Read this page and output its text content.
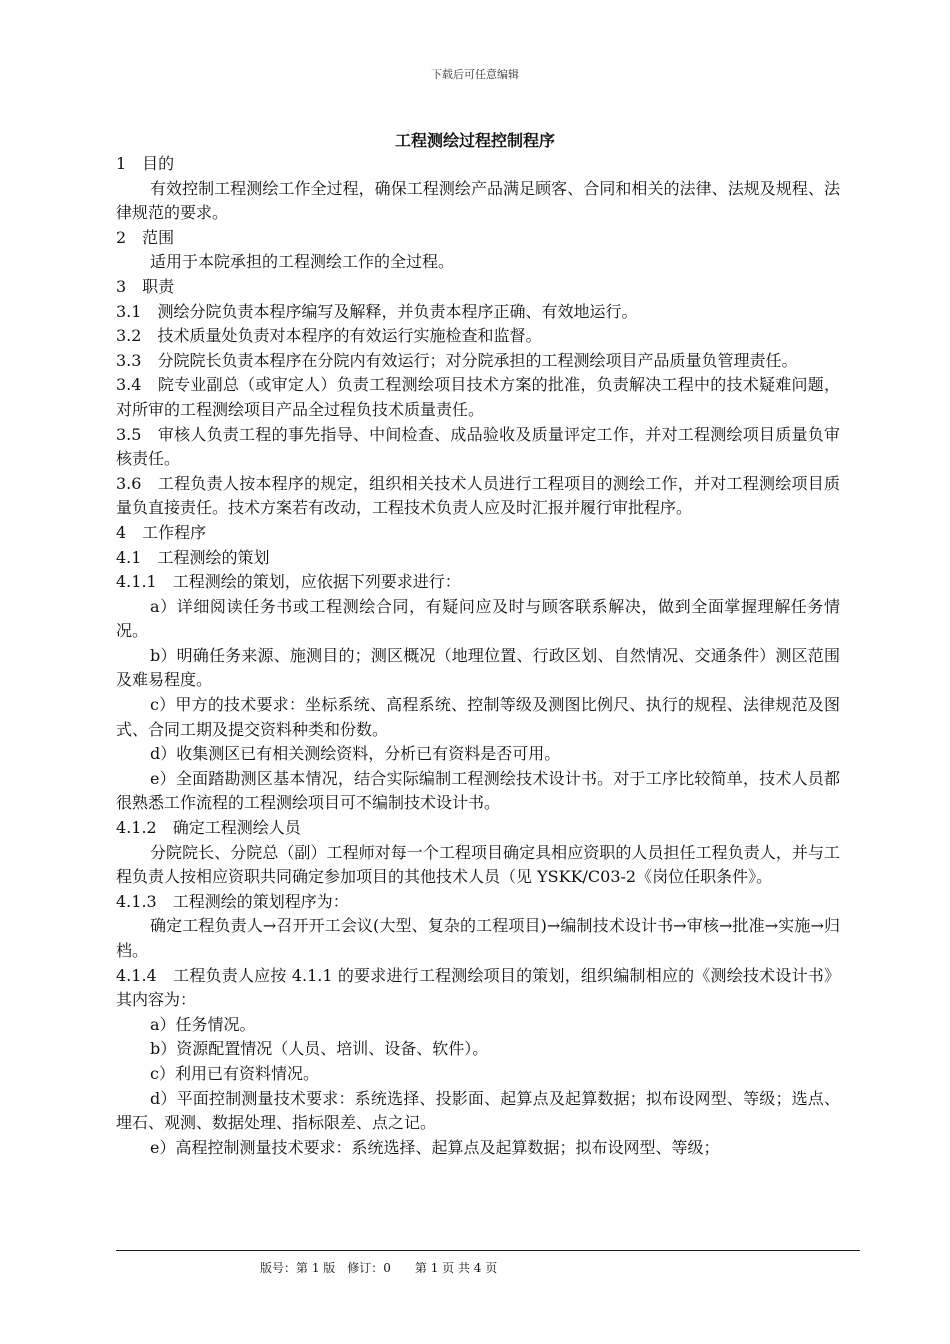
下载后可任意编辑
工程测绘过程控制程序

1　目的

有效控制工程测绘工作全过程，确保工程测绘产品满足顾客、合同和相关的法律、法规及规程、法律规范的要求。

2　范围

适用于本院承担的工程测绘工作的全过程。

3　职责

3.1　测绘分院负责本程序编写及解释，并负责本程序正确、有效地运行。

3.2　技术质量处负责对本程序的有效运行实施检查和监督。

3.3　分院院长负责本程序在分院内有效运行；对分院承担的工程测绘项目产品质量负管理责任。

3.4　院专业副总（或审定人）负责工程测绘项目技术方案的批准，负责解决工程中的技术疑难问题，对所审的工程测绘项目产品全过程负技术质量责任。

3.5　审核人负责工程的事先指导、中间检查、成品验收及质量评定工作，并对工程测绘项目质量负审核责任。

3.6　工程负责人按本程序的规定，组织相关技术人员进行工程项目的测绘工作，并对工程测绘项目质量负直接责任。技术方案若有改动，工程技术负责人应及时汇报并履行审批程序。

4　工作程序

4.1　工程测绘的策划

4.1.1　工程测绘的策划，应依据下列要求进行：

a）详细阅读任务书或工程测绘合同，有疑问应及时与顾客联系解决，做到全面掌握理解任务情况。

b）明确任务来源、施测目的；测区概况（地理位置、行政区划、自然情况、交通条件）测区范围及难易程度。

c）甲方的技术要求：坐标系统、高程系统、控制等级及测图比例尺、执行的规程、法律规范及图式、合同工期及提交资料种类和份数。

d）收集测区已有相关测绘资料，分析已有资料是否可用。

e）全面踏勘测区基本情况，结合实际编制工程测绘技术设计书。对于工序比较简单，技术人员都很熟悉工作流程的工程测绘项目可不编制技术设计书。

4.1.2　确定工程测绘人员

分院院长、分院总（副）工程师对每一个工程项目确定具相应资职的人员担任工程负责人，并与工程负责人按相应资职共同确定参加项目的其他技术人员（见 YSKK/C03-2《岗位任职条件》。

4.1.3　工程测绘的策划程序为：

确定工程负责人→召开开工会议(大型、复杂的工程项目)→编制技术设计书→审核→批准→实施→归档。

4.1.4　工程负责人应按 4.1.1 的要求进行工程测绘项目的策划，组织编制相应的《测绘技术设计书》其内容为：

a）任务情况。

b）资源配置情况（人员、培训、设备、软件）。

c）利用已有资料情况。

d）平面控制测量技术要求：系统选择、投影面、起算点及起算数据；拟布设网型、等级；选点、埋石、观测、数据处理、指标限差、点之记。

e）高程控制测量技术要求：系统选择、起算点及起算数据；拟布设网型、等级；

版号：第 1 版　修订：0　　第 1 页 共 4 页
